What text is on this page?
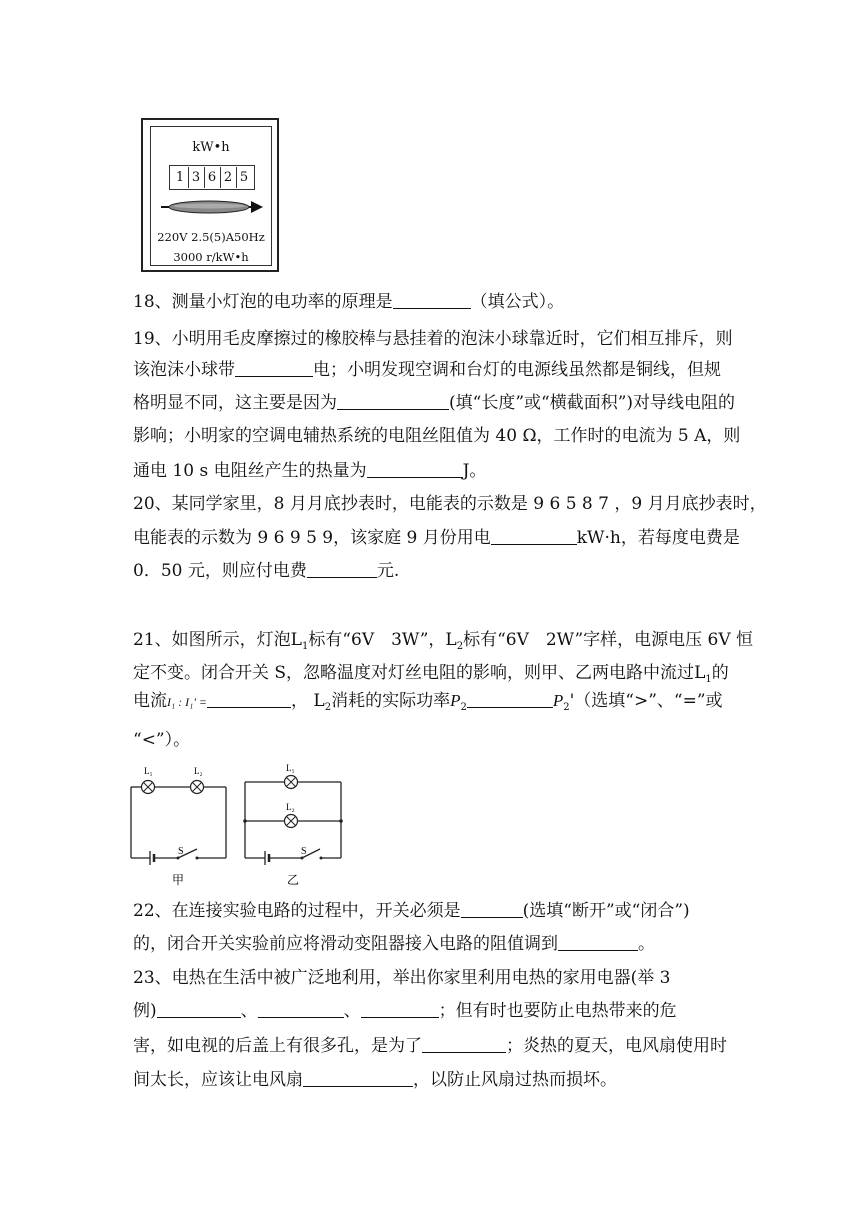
kW•h
1 3 6 2 5
220V 2.5(5)A50Hz
3000 r/kW•h
18、测量小灯泡的电功率的原理是	（填公式）。
19、小明用毛皮摩擦过的橡胶棒与悬挂着的泡沫小球靠近时，它们相互排斥，则
该泡沫小球带	电；小明发现空调和台灯的电源线虽然都是铜线，但规
格明显不同，这主要是因为	(填“长度”或“横截面积”)对导线电阻的
影响；小明家的空调电辅热系统的电阻丝阻值为 40 Ω，工作时的电流为 5 A，则
通电 10 s 电阻丝产生的热量为	J。
20、某同学家里，8 月月底抄表时，电能表的示数是 9 6 5 8 7 ，9 月月底抄表时，
电能表的示数为 9 6 9 5 9，该家庭 9 月份用电	kW·h，若每度电费是
0．50 元，则应付电费	元.
21、如图所示，灯泡$L_1$标有“6V　3W”，$L_2$标有“6V　2W”字样，电源电压 6V 恒
定不变。闭合开关 S，忽略温度对灯丝电阻的影响，则甲、乙两电路中流过$L_1$的
电流I₁ : I₁' =	， $L_2$消耗的实际功率$P_2$	$P_2'$（选填“>”、“=”或
“<”）。
L₁	L₂
S
甲
L₁
L₂
S
乙
22、在连接实验电路的过程中，开关必须是	(选填“断开”或“闭合”)
的，闭合开关实验前应将滑动变阻器接入电路的阻值调到	。
23、电热在生活中被广泛地利用，举出你家里利用电热的家用电器(举 3
例)	、	、	；但有时也要防止电热带来的危
害，如电视的后盖上有很多孔，是为了	；炎热的夏天，电风扇使用时
间太长，应该让电风扇	，以防止风扇过热而损坏。
